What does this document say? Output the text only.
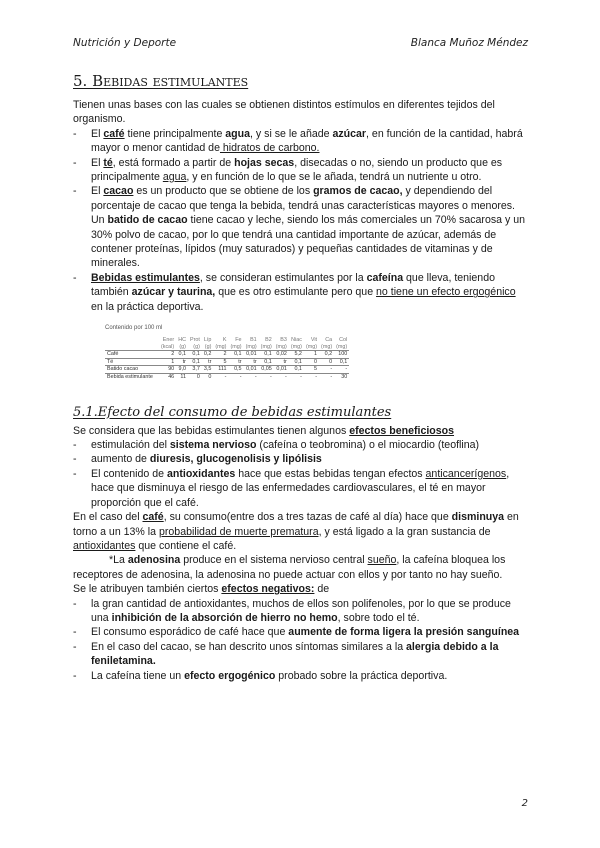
Nutrición y Deporte	Blanca Muñoz Méndez
5. Bebidas estimulantes

Tienen unas bases con las cuales se obtienen distintos estímulos en diferentes tejidos del organismo.

- El café tiene principalmente agua, y si se le añade azúcar, en función de la cantidad, habrá mayor o menor cantidad de hidratos de carbono.
- El té, está formado a partir de hojas secas, disecadas o no, siendo un producto que es principalmente agua, y en función de lo que se le añada, tendrá un nutriente u otro.
- El cacao es un producto que se obtiene de los gramos de cacao, y dependiendo del porcentaje de cacao que tenga la bebida, tendrá unas características mayores o menores. Un batido de cacao tiene cacao y leche, siendo los más comerciales un 70% sacarosa y un 30% polvo de cacao, por lo que tendrá una cantidad importante de azúcar, además de contener proteínas, lípidos (muy saturados) y pequeñas cantidades de vitaminas y de minerales.
- Bebidas estimulantes, se consideran estimulantes por la cafeína que lleva, teniendo también azúcar y taurina, que es otro estimulante pero que no tiene un efecto ergogénico en la práctica deportiva.
Contenido por 100 ml
	Ener	HC	Prot	Líp	K	Fe	B1	B2	B3	Niac	Vit	Ca	Col
	(kcal)	(g)	(g)	(g)	(mg)	(mg)	(mg)	(mg)	(mg)	(mg)	(mg)	(mg)	(mg)
Café	2	0,1	0,1	0,2	2	0,1	0,01	0,1	0,02	5,2	1	0,2	100
Té	1	tr	0,1	tr	5	tr	tr	0,1	tr	0,1	0	0	0,1
Batido cacao	90	9,0	3,7	3,5	111	0,5	0,01	0,05	0,01	0,1	5	-	-
Bebida estimulante	46	11	0	0	-	-	-	-	-	-	-	-	30
5.1.Efecto del consumo de bebidas estimulantes

Se considera que las bebidas estimulantes tienen algunos efectos beneficiosos

- estimulación del sistema nervioso (cafeína o teobromina) o el miocardio (teoflina)
- aumento de diuresis, glucogenolisis y lipólisis
- El contenido de antioxidantes hace que estas bebidas tengan efectos anticancerígenos, hace que disminuya el riesgo de las enfermedades cardiovasculares, el té en mayor proporción que el café.

En el caso del café, su consumo(entre dos a tres tazas de café al día) hace que disminuya en torno a un 13% la probabilidad de muerte prematura, y está ligado a la gran sustancia de antioxidantes que contiene el café.

*La adenosina produce en el sistema nervioso central sueño, la cafeína bloquea los receptores de adenosina, la adenosina no puede actuar con ellos y por tanto no hay sueño.

Se le atribuyen también ciertos efectos negativos: de

- la gran cantidad de antioxidantes, muchos de ellos son polifenoles, por lo que se produce una inhibición de la absorción de hierro no hemo, sobre todo el té.
- El consumo esporádico de café hace que aumente de forma ligera la presión sanguínea
- En el caso del cacao, se han descrito unos síntomas similares a la alergia debido a la feniletamina.
- La cafeína tiene un efecto ergogénico probado sobre la práctica deportiva.
2
